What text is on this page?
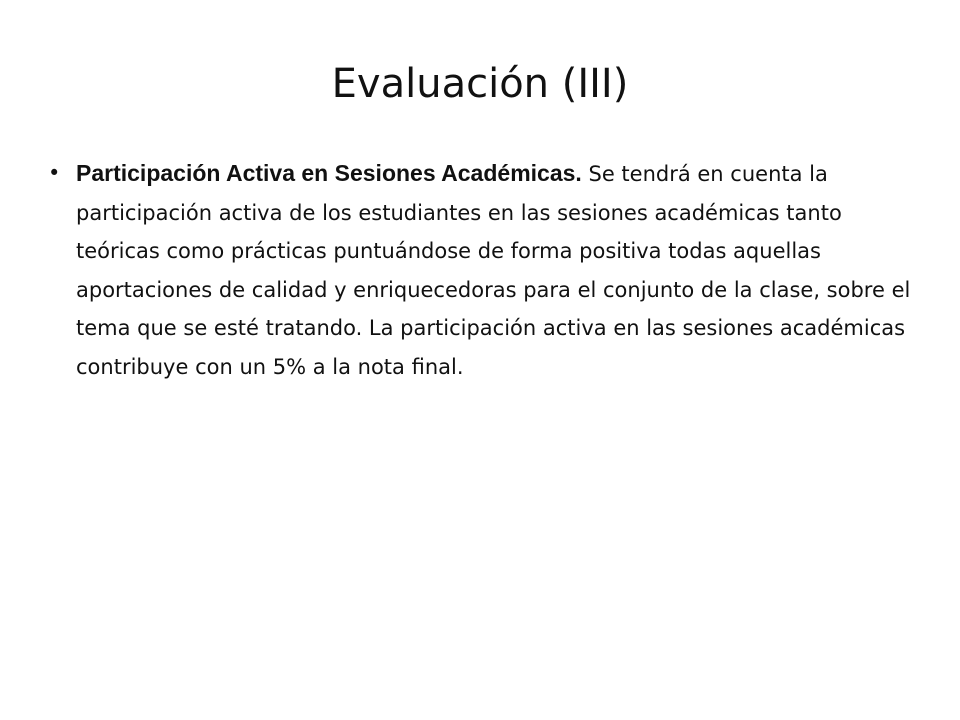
Evaluación (III)
• Participación Activa en Sesiones Académicas. Se tendrá en cuenta la participación activa de los estudiantes en las sesiones académicas tanto teóricas como prácticas puntuándose de forma positiva todas aquellas aportaciones de calidad y enriquecedoras para el conjunto de la clase, sobre el tema que se esté tratando. La participación activa en las sesiones académicas contribuye con un 5% a la nota final.
